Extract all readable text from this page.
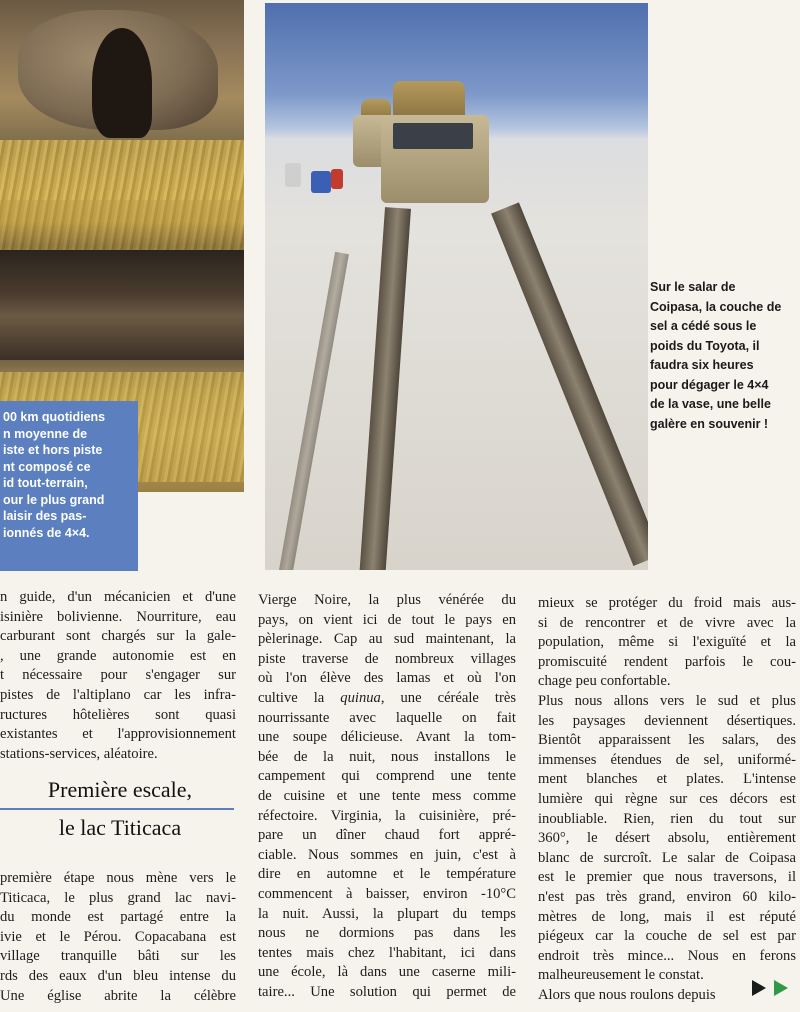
00 km quotidiens
n moyenne de
iste et hors piste
nt composé ce
id tout-terrain,
our le plus grand
laisir des pas-
ionnés de 4×4.
Sur le salar de
Coipasa, la couche de
sel a cédé sous le
poids du Toyota, il
faudra six heures
pour dégager le 4×4
de la vase, une belle
galère en souvenir !
n guide, d'un mécanicien et d'une
isinière bolivienne. Nourriture, eau
carburant sont chargés sur la gale-
, une grande autonomie est en
t nécessaire pour s'engager sur
pistes de l'altiplano car les infra-
ructures hôtelières sont quasi
existantes et l'approvisionnement
stations-services, aléatoire.
Première escale,
le lac Titicaca
première étape nous mène vers le
Titicaca, le plus grand lac navi-
du monde est partagé entre la
ivie et le Pérou. Copacabana est
village tranquille bâti sur les
rds des eaux d'un bleu intense du
Une église abrite la célèbre
Vierge Noire, la plus vénérée du
pays, on vient ici de tout le pays en
pèlerinage. Cap au sud maintenant, la
piste traverse de nombreux villages
où l'on élève des lamas et où l'on
cultive la quinua, une céréale très
nourrissante avec laquelle on fait
une soupe délicieuse. Avant la tom-
bée de la nuit, nous installons le
campement qui comprend une tente
de cuisine et une tente mess comme
réfectoire. Virginia, la cuisinière, pré-
pare un dîner chaud fort appré-
ciable. Nous sommes en juin, c'est à
dire en automne et le température
commencent à baisser, environ -10°C
la nuit. Aussi, la plupart du temps
nous ne dormions pas dans les
tentes mais chez l'habitant, ici dans
une école, là dans une caserne mili-
taire... Une solution qui permet de
mieux se protéger du froid mais aus-
si de rencontrer et de vivre avec la
population, même si l'exiguïté et la
promiscuité rendent parfois le cou-
chage peu confortable.
Plus nous allons vers le sud et plus
les paysages deviennent désertiques.
Bientôt apparaissent les salars, des
immenses étendues de sel, uniformé-
ment blanches et plates. L'intense
lumière qui règne sur ces décors est
inoubliable. Rien, rien du tout sur
360°, le désert absolu, entièrement
blanc de surcroît. Le salar de Coipasa
est le premier que nous traversons, il
n'est pas très grand, environ 60 kilo-
mètres de long, mais il est réputé
piégeux car la couche de sel est par
endroit très mince... Nous en ferons
malheureusement le constat.
Alors que nous roulons depuis
